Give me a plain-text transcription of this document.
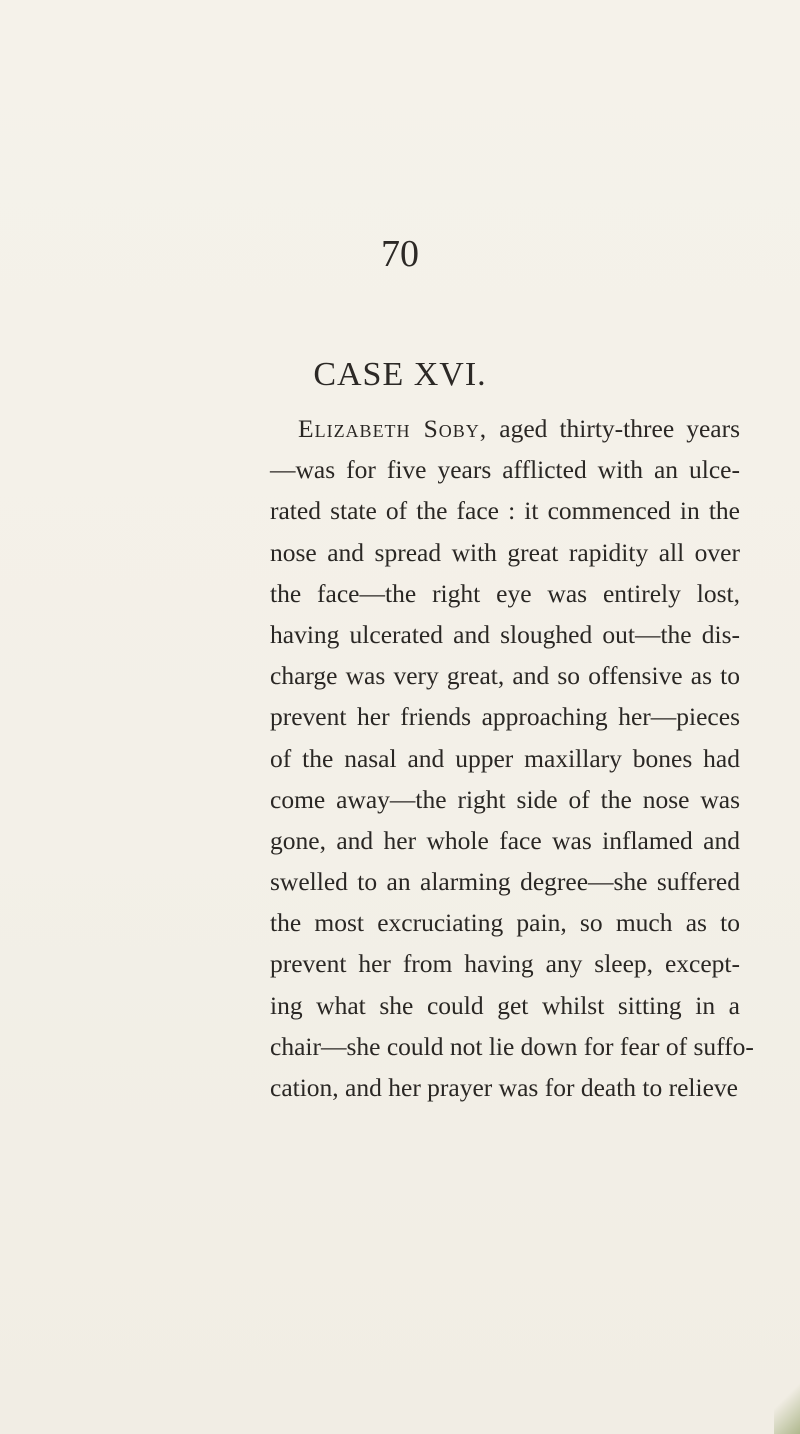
70
CASE XVI.
Elizabeth Soby, aged thirty-three years
—was for five years afflicted with an ulce-
rated state of the face : it commenced in the
nose and spread with great rapidity all over
the face—the right eye was entirely lost,
having ulcerated and sloughed out—the dis-
charge was very great, and so offensive as to
prevent her friends approaching her—pieces
of the nasal and upper maxillary bones had
come away—the right side of the nose was
gone, and her whole face was inflamed and
swelled to an alarming degree—she suffered
the most excruciating pain, so much as to
prevent her from having any sleep, except-
ing what she could get whilst sitting in a
chair—she could not lie down for fear of suffo-
cation, and her prayer was for death to relieve
